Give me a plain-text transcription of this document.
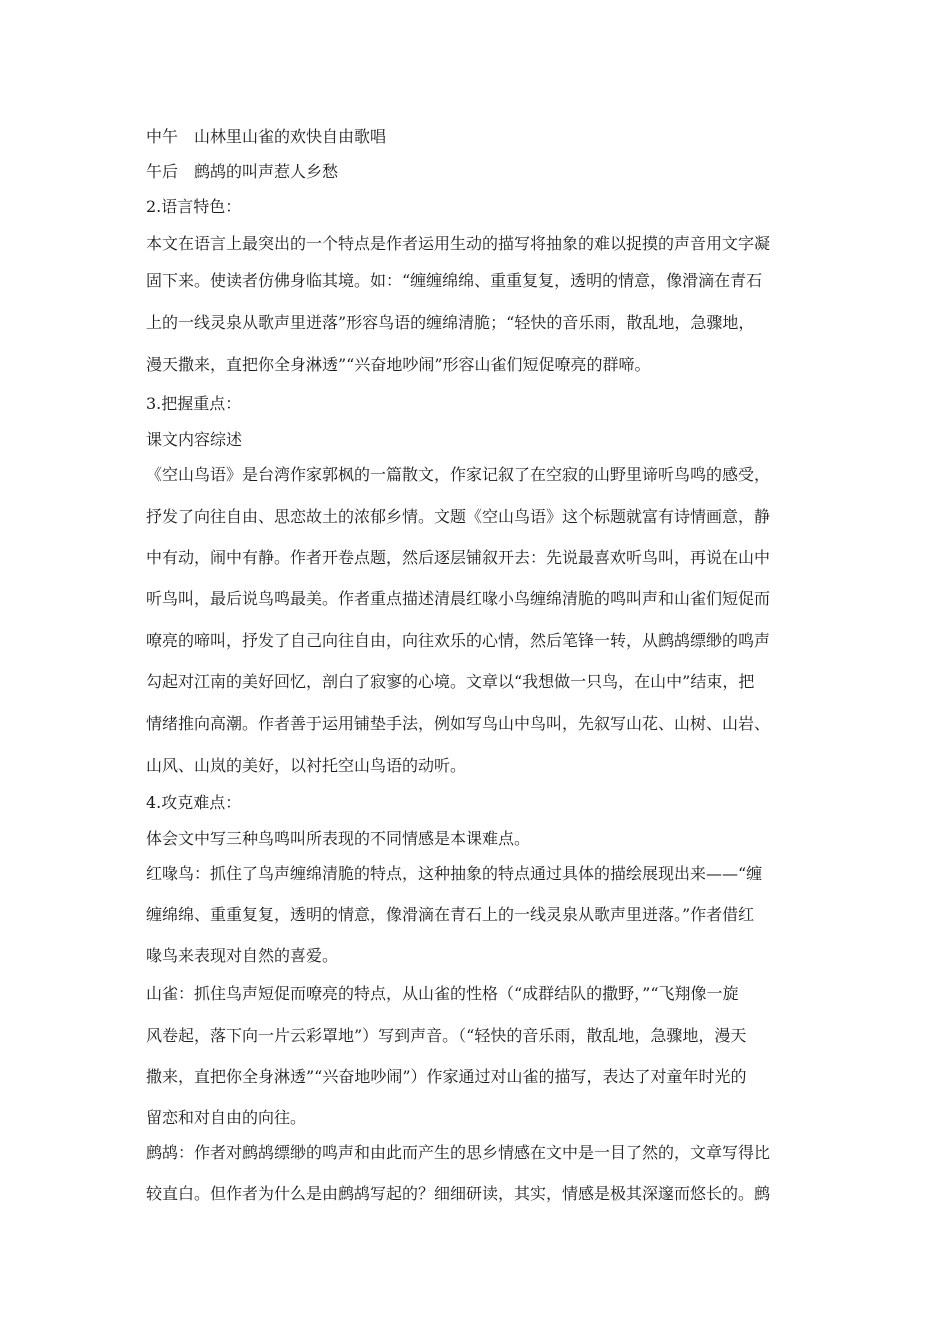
中午　山林里山雀的欢快自由歌唱
午后　鹧鸪的叫声惹人乡愁
2.语言特色：
本文在语言上最突出的一个特点是作者运用生动的描写将抽象的难以捉摸的声音用文字凝
固下来。使读者仿佛身临其境。如：“缠缠绵绵、重重复复，透明的情意，像滑滴在青石
上的一线灵泉从歌声里迸落”形容鸟语的缠绵清脆；“轻快的音乐雨，散乱地，急骤地，
漫天撒来，直把你全身淋透”“兴奋地吵闹”形容山雀们短促嘹亮的群啼。
3.把握重点：
课文内容综述
《空山鸟语》是台湾作家郭枫的一篇散文，作家记叙了在空寂的山野里谛听鸟鸣的感受，
抒发了向往自由、思恋故土的浓郁乡情。文题《空山鸟语》这个标题就富有诗情画意，静
中有动，闹中有静。作者开卷点题，然后逐层铺叙开去：先说最喜欢听鸟叫，再说在山中
听鸟叫，最后说鸟鸣最美。作者重点描述清晨红喙小鸟缠绵清脆的鸣叫声和山雀们短促而
嘹亮的啼叫，抒发了自己向往自由，向往欢乐的心情，然后笔锋一转，从鹧鸪缥缈的鸣声
勾起对江南的美好回忆，剖白了寂寥的心境。文章以“我想做一只鸟，在山中”结束，把
情绪推向高潮。作者善于运用铺垫手法，例如写鸟山中鸟叫，先叙写山花、山树、山岩、
山风、山岚的美好，以衬托空山鸟语的动听。
4.攻克难点：
体会文中写三种鸟鸣叫所表现的不同情感是本课难点。
红喙鸟：抓住了鸟声缠绵清脆的特点，这种抽象的特点通过具体的描绘展现出来——“缠
缠绵绵、重重复复，透明的情意，像滑滴在青石上的一线灵泉从歌声里迸落。”作者借红
喙鸟来表现对自然的喜爱。
山雀：抓住鸟声短促而嘹亮的特点，从山雀的性格（“成群结队的撒野，”“飞翔像一旋
风卷起，落下向一片云彩罩地”）写到声音。（“轻快的音乐雨，散乱地，急骤地，漫天
撒来，直把你全身淋透”“兴奋地吵闹”）作家通过对山雀的描写，表达了对童年时光的
留恋和对自由的向往。
鹧鸪：作者对鹧鸪缥缈的鸣声和由此而产生的思乡情感在文中是一目了然的，文章写得比
较直白。但作者为什么是由鹧鸪写起的？细细研读，其实，情感是极其深邃而悠长的。鹧
